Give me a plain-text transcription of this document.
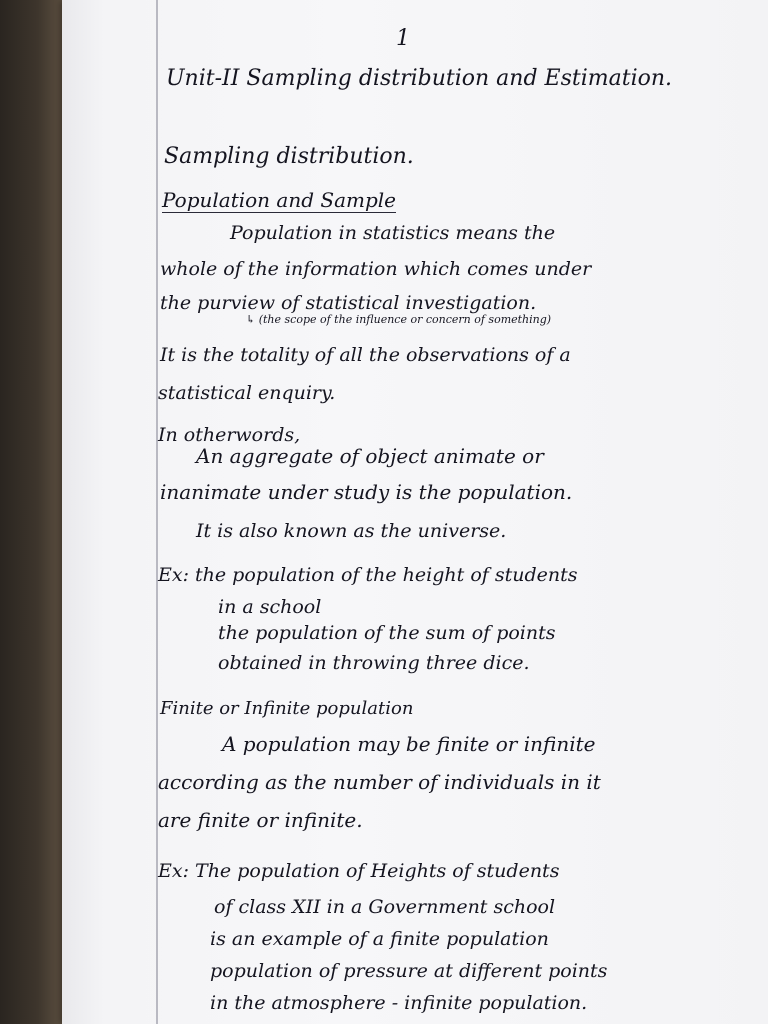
1
Unit-II Sampling distribution and Estimation.
Sampling distribution.
Population and Sample
Population in statistics means the
whole of the information which comes under
the purview of statistical investigation.
↳ (the scope of the influence or concern of something)
It is the totality of all the observations of a
statistical enquiry.
In otherwords,
An aggregate of object animate or
inanimate under study is the population.
It is also known as the universe.
Ex: the population of the height of students
in a school
the population of the sum of points
obtained in throwing three dice.
Finite or Infinite population
A population may be finite or infinite
according as the number of individuals in it
are finite or infinite.
Ex: The population of Heights of students
of class XII in a Government school
is an example of a finite population
population of pressure at different points
in the atmosphere - infinite population.
